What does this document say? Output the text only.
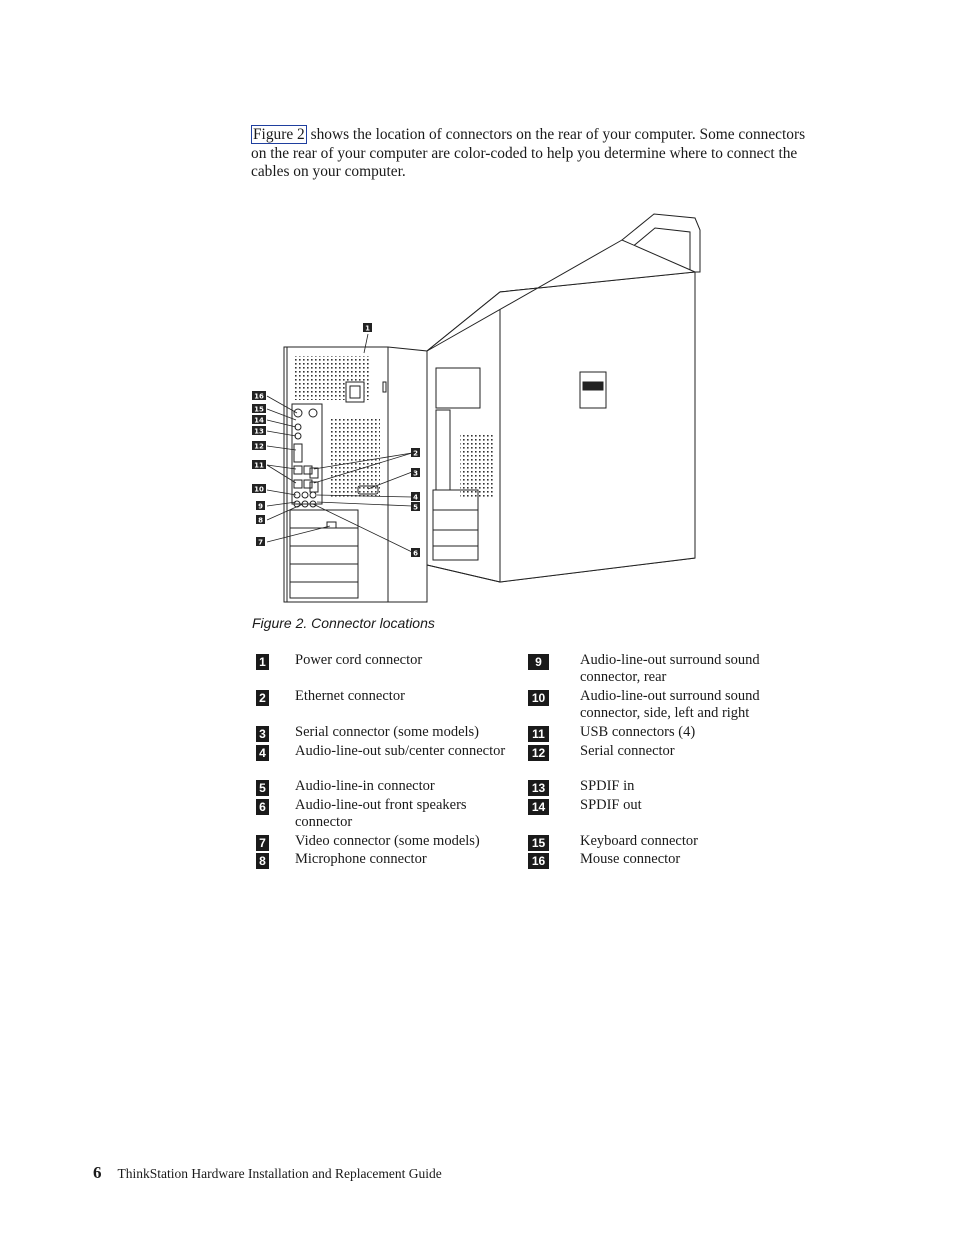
Figure 2 shows the location of connectors on the rear of your computer. Some connectors on the rear of your computer are color-coded to help you determine where to connect the cables on your computer.

1
16
15
14
13
12
11
10
9
8
7
2
3
4
5
6

Figure 2. Connector locations

1 Power cord connector
2 Ethernet connector
3 Serial connector (some models)
4 Audio-line-out sub/center connector
5 Audio-line-in connector
6 Audio-line-out front speakers connector
7 Video connector (some models)
8 Microphone connector
9	Audio-line-out surround sound connector, rear
10 Audio-line-out surround sound connector, side, left and right
11 USB connectors (4)
12 Serial connector
13 SPDIF in
14 SPDIF out
15 Keyboard connector
16 Mouse connector
6 ThinkStation Hardware Installation and Replacement Guide
